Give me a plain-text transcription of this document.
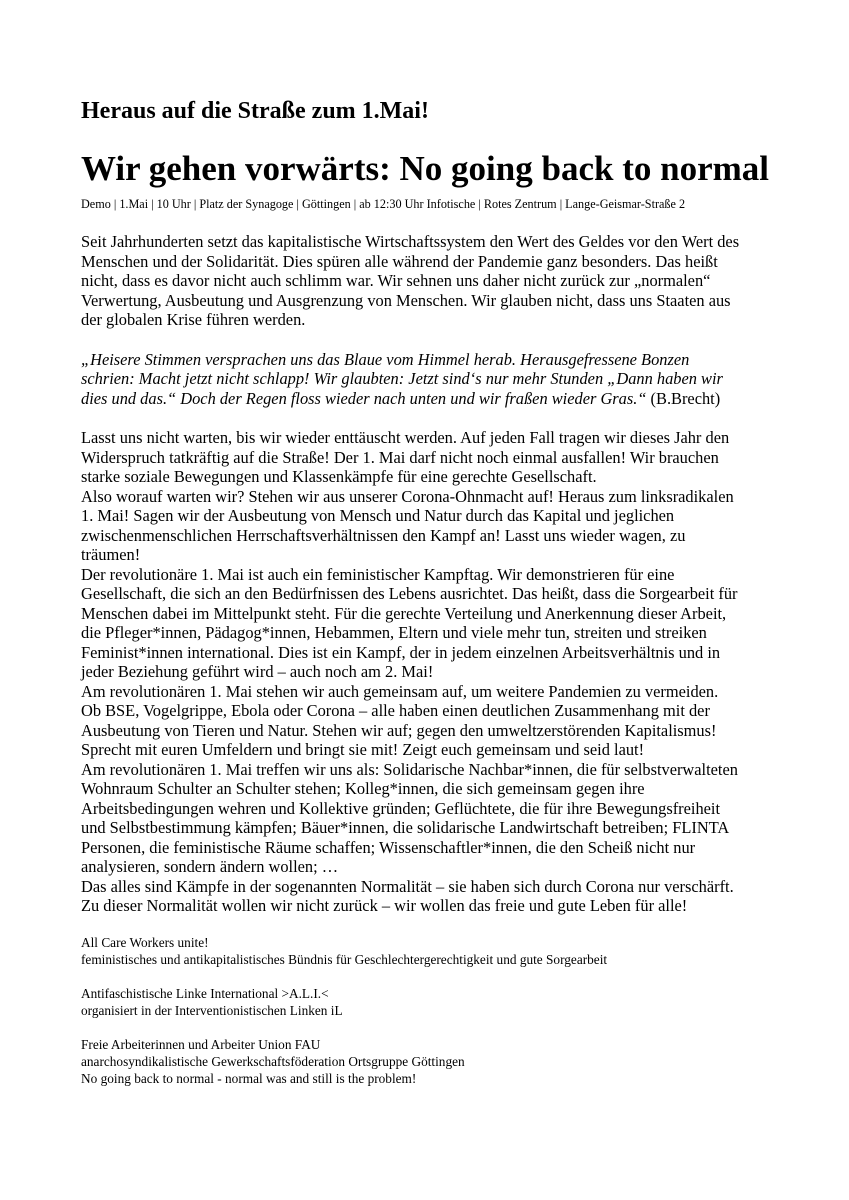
Heraus auf die Straße zum 1.Mai!
Wir gehen vorwärts: No going back to normal

Demo | 1.Mai | 10 Uhr | Platz der Synagoge | Göttingen | ab 12:30 Uhr Infotische | Rotes Zentrum | Lange-Geismar-Straße 2

Seit Jahrhunderten setzt das kapitalistische Wirtschaftssystem den Wert des Geldes vor den Wert des
Menschen und der Solidarität. Dies spüren alle während der Pandemie ganz besonders. Das heißt
nicht, dass es davor nicht auch schlimm war. Wir sehnen uns daher nicht zurück zur „normalen“
Verwertung, Ausbeutung und Ausgrenzung von Menschen. Wir glauben nicht, dass uns Staaten aus
der globalen Krise führen werden.

„Heisere Stimmen versprachen uns das Blaue vom Himmel herab. Herausgefressene Bonzen
schrien: Macht jetzt nicht schlapp! Wir glaubten: Jetzt sind‘s nur mehr Stunden „Dann haben wir
dies und das.“ Doch der Regen floss wieder nach unten und wir fraßen wieder Gras.“ (B.Brecht)

Lasst uns nicht warten, bis wir wieder enttäuscht werden. Auf jeden Fall tragen wir dieses Jahr den
Widerspruch tatkräftig auf die Straße! Der 1. Mai darf nicht noch einmal ausfallen! Wir brauchen
starke soziale Bewegungen und Klassenkämpfe für eine gerechte Gesellschaft.
Also worauf warten wir? Stehen wir aus unserer Corona-Ohnmacht auf! Heraus zum linksradikalen
1. Mai! Sagen wir der Ausbeutung von Mensch und Natur durch das Kapital und jeglichen
zwischenmenschlichen Herrschaftsverhältnissen den Kampf an! Lasst uns wieder wagen, zu
träumen!
Der revolutionäre 1. Mai ist auch ein feministischer Kampftag. Wir demonstrieren für eine
Gesellschaft, die sich an den Bedürfnissen des Lebens ausrichtet. Das heißt, dass die Sorgearbeit für
Menschen dabei im Mittelpunkt steht. Für die gerechte Verteilung und Anerkennung dieser Arbeit,
die Pfleger*innen, Pädagog*innen, Hebammen, Eltern und viele mehr tun, streiten und streiken
Feminist*innen international. Dies ist ein Kampf, der in jedem einzelnen Arbeitsverhältnis und in
jeder Beziehung geführt wird – auch noch am 2. Mai!
Am revolutionären 1. Mai stehen wir auch gemeinsam auf, um weitere Pandemien zu vermeiden.
Ob BSE, Vogelgrippe, Ebola oder Corona – alle haben einen deutlichen Zusammenhang mit der
Ausbeutung von Tieren und Natur. Stehen wir auf; gegen den umweltzerstörenden Kapitalismus!
Sprecht mit euren Umfeldern und bringt sie mit! Zeigt euch gemeinsam und seid laut!
Am revolutionären 1. Mai treffen wir uns als: Solidarische Nachbar*innen, die für selbstverwalteten
Wohnraum Schulter an Schulter stehen; Kolleg*innen, die sich gemeinsam gegen ihre
Arbeitsbedingungen wehren und Kollektive gründen; Geflüchtete, die für ihre Bewegungsfreiheit
und Selbstbestimmung kämpfen; Bäuer*innen, die solidarische Landwirtschaft betreiben; FLINTA
Personen, die feministische Räume schaffen; Wissenschaftler*innen, die den Scheiß nicht nur
analysieren, sondern ändern wollen; …
Das alles sind Kämpfe in der sogenannten Normalität – sie haben sich durch Corona nur verschärft.
Zu dieser Normalität wollen wir nicht zurück – wir wollen das freie und gute Leben für alle!

All Care Workers unite!
feministisches und antikapitalistisches Bündnis für Geschlechtergerechtigkeit und gute Sorgearbeit
Antifaschistische Linke International >A.L.I.<
organisiert in der Interventionistischen Linken iL
Freie Arbeiterinnen und Arbeiter Union FAU
anarchosyndikalistische Gewerkschaftsföderation Ortsgruppe Göttingen
No going back to normal - normal was and still is the problem!
